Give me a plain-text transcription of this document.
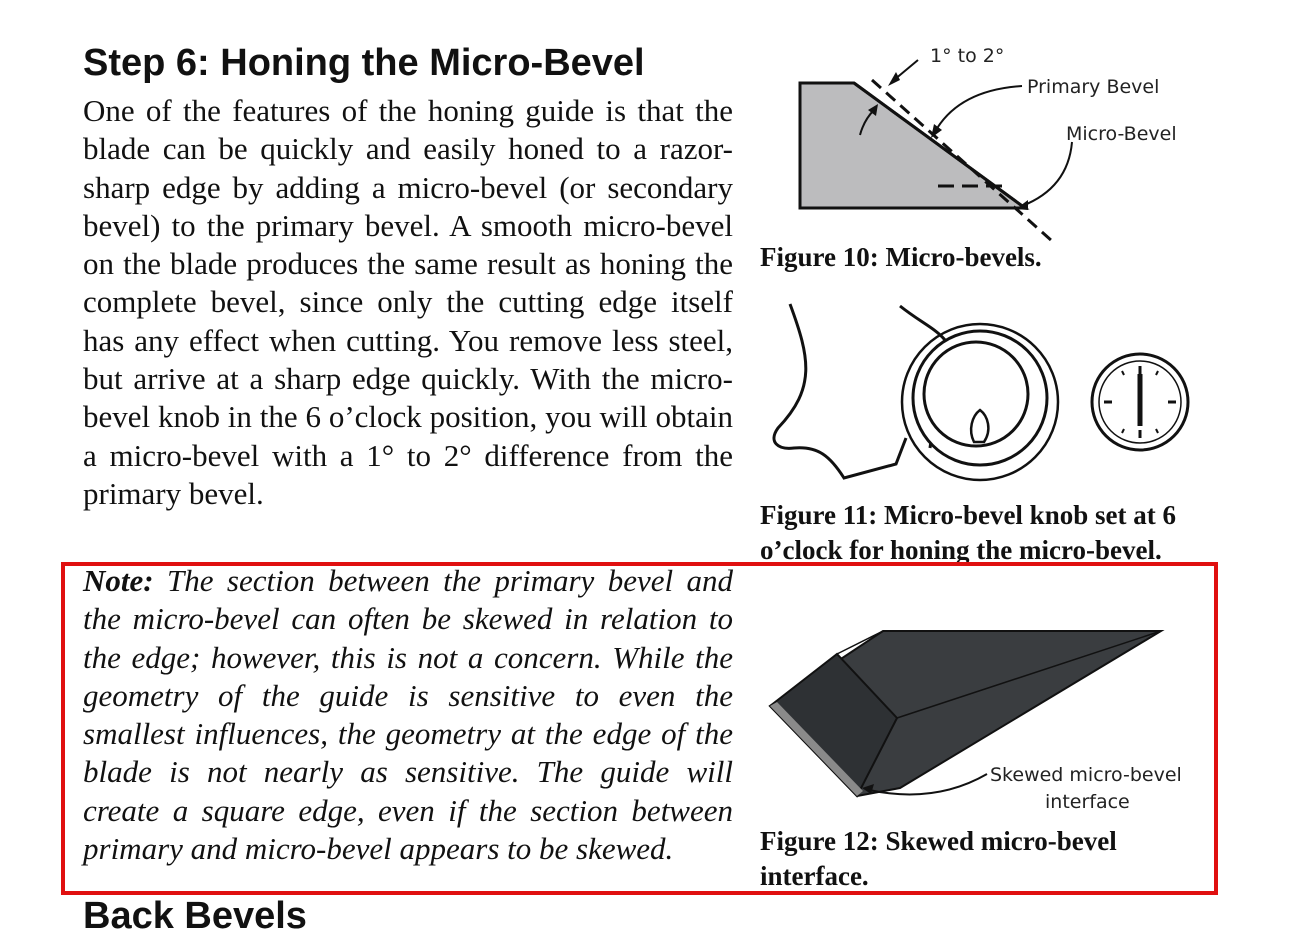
Step 6: Honing the Micro-Bevel

One of the features of the honing guide is that the blade can be quickly and easily honed to a razor-sharp edge by adding a micro-bevel (or secondary bevel) to the primary bevel. A smooth micro-bevel on the blade produces the same result as honing the complete bevel, since only the cutting edge itself has any effect when cutting. You remove less steel, but arrive at a sharp edge quickly. With the micro-bevel knob in the 6 o’clock position, you will obtain a micro-bevel with a 1° to 2° difference from the primary bevel.

Note: The section between the primary bevel and the micro-bevel can often be skewed in relation to the edge; however, this is not a concern. While the geometry of the guide is sensitive to even the smallest influences, the geometry at the edge of the blade is not nearly as sensitive. The guide will create a square edge, even if the section between primary and micro-bevel appears to be skewed.

Back Bevels
1° to 2°
Primary Bevel
Micro-Bevel

Figure 10: Micro-bevels.

Figure 11: Micro-bevel knob set at 6 o’clock for honing the micro-bevel.

Skewed micro-bevel
interface

Figure 12: Skewed micro-bevel interface.
